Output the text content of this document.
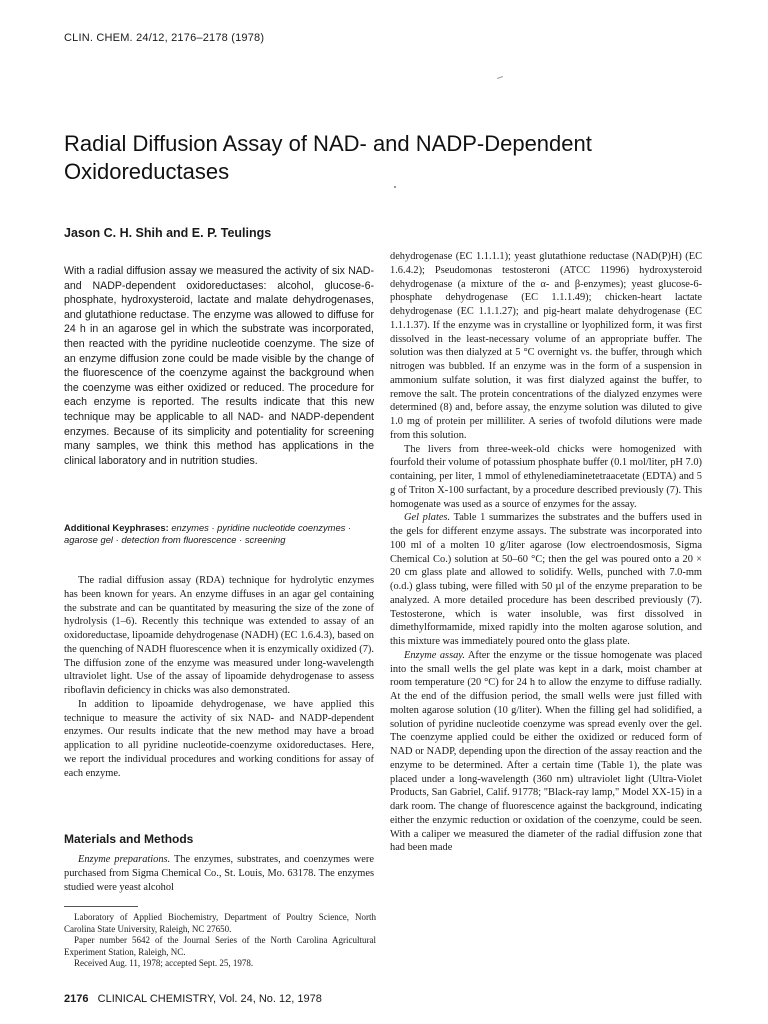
CLIN. CHEM. 24/12, 2176–2178 (1978)
Radial Diffusion Assay of NAD- and NADP-Dependent Oxidoreductases
Jason C. H. Shih and E. P. Teulings

With a radial diffusion assay we measured the activity of six NAD- and NADP-dependent oxidoreductases: alcohol, glucose-6-phosphate, hydroxysteroid, lactate and malate dehydrogenases, and glutathione reductase. The enzyme was allowed to diffuse for 24 h in an agarose gel in which the substrate was incorporated, then reacted with the pyridine nucleotide coenzyme. The size of an enzyme diffusion zone could be made visible by the change of the fluorescence of the coenzyme against the background when the coenzyme was either oxidized or reduced. The procedure for each enzyme is reported. The results indicate that this new technique may be applicable to all NAD- and NADP-dependent enzymes. Because of its simplicity and potentiality for screening many samples, we think this method has applications in the clinical laboratory and in nutrition studies.

Additional Keyphrases: enzymes · pyridine nucleotide coenzymes · agarose gel · detection from fluorescence · screening

The radial diffusion assay (RDA) technique for hydrolytic enzymes has been known for years. An enzyme diffuses in an agar gel containing the substrate and can be quantitated by measuring the size of the zone of hydrolysis (1–6). Recently this technique was extended to assay of an oxidoreductase, lipoamide dehydrogenase (NADH) (EC 1.6.4.3), based on the quenching of NADH fluorescence when it is enzymically oxidized (7). The diffusion zone of the enzyme was measured under long-wavelength ultraviolet light. Use of the assay of lipoamide dehydrogenase to assess riboflavin deficiency in chicks was also demonstrated.

In addition to lipoamide dehydrogenase, we have applied this technique to measure the activity of six NAD- and NADP-dependent enzymes. Our results indicate that the new method may have a broad application to all pyridine nucleotide-coenzyme oxidoreductases. Here, we report the individual procedures and working conditions for assay of each enzyme.

Materials and Methods

Enzyme preparations. The enzymes, substrates, and coenzymes were purchased from Sigma Chemical Co., St. Louis, Mo. 63178. The enzymes studied were yeast alcohol

Laboratory of Applied Biochemistry, Department of Poultry Science, North Carolina State University, Raleigh, NC 27650.

Paper number 5642 of the Journal Series of the North Carolina Agricultural Experiment Station, Raleigh, NC.

Received Aug. 11, 1978; accepted Sept. 25, 1978.

2176 CLINICAL CHEMISTRY, Vol. 24, No. 12, 1978

dehydrogenase (EC 1.1.1.1); yeast glutathione reductase (NAD(P)H) (EC 1.6.4.2); Pseudomonas testosteroni (ATCC 11996) hydroxysteroid dehydrogenase (a mixture of the α- and β-enzymes); yeast glucose-6-phosphate dehydrogenase (EC 1.1.1.49); chicken-heart lactate dehydrogenase (EC 1.1.1.27); and pig-heart malate dehydrogenase (EC 1.1.1.37). If the enzyme was in crystalline or lyophilized form, it was first dissolved in the least-necessary volume of an appropriate buffer. The solution was then dialyzed at 5 °C overnight vs. the buffer, through which nitrogen was bubbled. If an enzyme was in the form of a suspension in ammonium sulfate solution, it was first dialyzed against the buffer, to remove the salt. The protein concentrations of the dialyzed enzymes were determined (8) and, before assay, the enzyme solution was diluted to give 1.0 mg of protein per milliliter. A series of twofold dilutions were made from this solution.

The livers from three-week-old chicks were homogenized with fourfold their volume of potassium phosphate buffer (0.1 mol/liter, pH 7.0) containing, per liter, 1 mmol of ethylenediaminetetraacetate (EDTA) and 5 g of Triton X-100 surfactant, by a procedure described previously (7). This homogenate was used as a source of enzymes for the assay.

Gel plates. Table 1 summarizes the substrates and the buffers used in the gels for different enzyme assays. The substrate was incorporated into 100 ml of a molten 10 g/liter agarose (low electroendosmosis, Sigma Chemical Co.) solution at 50–60 °C; then the gel was poured onto a 20 × 20 cm glass plate and allowed to solidify. Wells, punched with 7.0-mm (o.d.) glass tubing, were filled with 50 µl of the enzyme preparation to be analyzed. A more detailed procedure has been described previously (7). Testosterone, which is water insoluble, was first dissolved in dimethylformamide, mixed rapidly into the molten agarose solution, and this mixture was immediately poured onto the glass plate.

Enzyme assay. After the enzyme or the tissue homogenate was placed into the small wells the gel plate was kept in a dark, moist chamber at room temperature (20 °C) for 24 h to allow the enzyme to diffuse radially. At the end of the diffusion period, the small wells were just filled with molten agarose solution (10 g/liter). When the filling gel had solidified, a solution of pyridine nucleotide coenzyme was spread evenly over the gel. The coenzyme applied could be either the oxidized or reduced form of NAD or NADP, depending upon the direction of the assay reaction and the enzyme to be determined. After a certain time (Table 1), the plate was placed under a long-wavelength (360 nm) ultraviolet light (Ultra-Violet Products, San Gabriel, Calif. 91778; "Black-ray lamp," Model XX-15) in a dark room. The change of fluorescence against the background, indicating either the enzymic reduction or oxidation of the coenzyme, could be seen. With a caliper we measured the diameter of the radial diffusion zone that had been made
